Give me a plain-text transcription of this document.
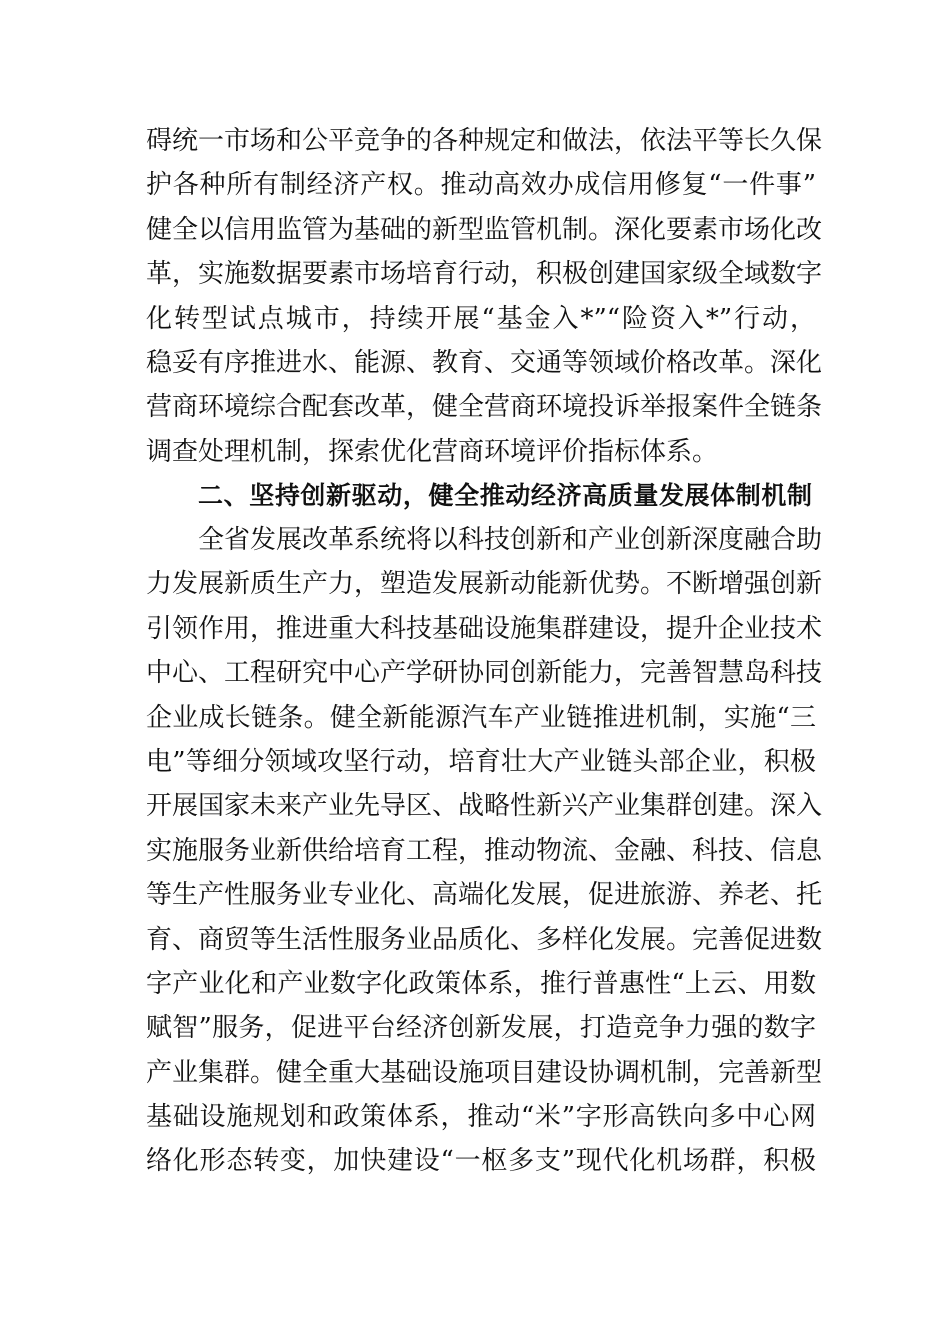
碍统一市场和公平竞争的各种规定和做法，依法平等长久保
护各种所有制经济产权。推动高效办成信用修复“一件事”
健全以信用监管为基础的新型监管机制。深化要素市场化改
革，实施数据要素市场培育行动，积极创建国家级全域数字
化转型试点城市，持续开展“基金入*”“险资入*”行动，
稳妥有序推进水、能源、教育、交通等领域价格改革。深化
营商环境综合配套改革，健全营商环境投诉举报案件全链条
调查处理机制，探索优化营商环境评价指标体系。
二、坚持创新驱动，健全推动经济高质量发展体制机制
全省发展改革系统将以科技创新和产业创新深度融合助
力发展新质生产力，塑造发展新动能新优势。不断增强创新
引领作用，推进重大科技基础设施集群建设，提升企业技术
中心、工程研究中心产学研协同创新能力，完善智慧岛科技
企业成长链条。健全新能源汽车产业链推进机制，实施“三
电”等细分领域攻坚行动，培育壮大产业链头部企业，积极
开展国家未来产业先导区、战略性新兴产业集群创建。深入
实施服务业新供给培育工程，推动物流、金融、科技、信息
等生产性服务业专业化、高端化发展，促进旅游、养老、托
育、商贸等生活性服务业品质化、多样化发展。完善促进数
字产业化和产业数字化政策体系，推行普惠性“上云、用数
赋智”服务，促进平台经济创新发展，打造竞争力强的数字
产业集群。健全重大基础设施项目建设协调机制，完善新型
基础设施规划和政策体系，推动“米”字形高铁向多中心网
络化形态转变，加快建设“一枢多支”现代化机场群，积极
